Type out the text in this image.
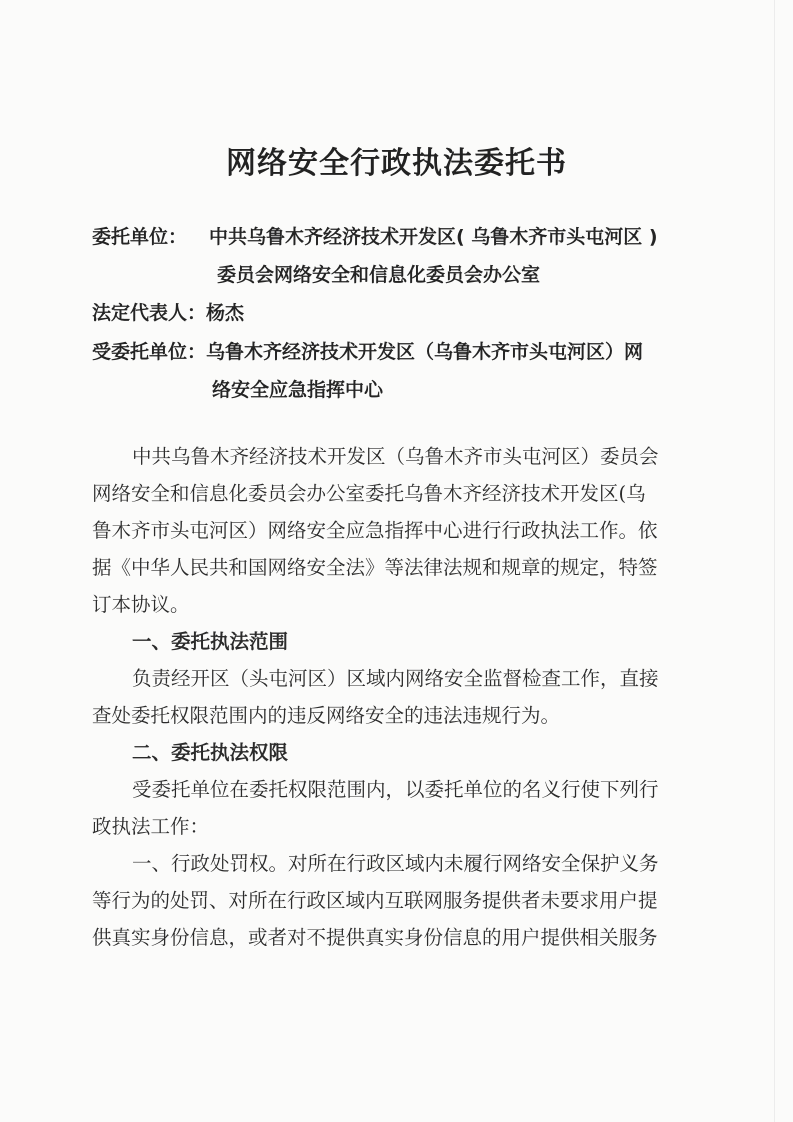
网络安全行政执法委托书
委托单位： 中共乌鲁木齐经济技术开发区( 乌鲁木齐市头屯河区 )
委员会网络安全和信息化委员会办公室
法定代表人：杨杰
受委托单位：乌鲁木齐经济技术开发区（乌鲁木齐市头屯河区）网
络安全应急指挥中心
中共乌鲁木齐经济技术开发区（乌鲁木齐市头屯河区）委员会
网络安全和信息化委员会办公室委托乌鲁木齐经济技术开发区(乌
鲁木齐市头屯河区）网络安全应急指挥中心进行行政执法工作。依
据《中华人民共和国网络安全法》等法律法规和规章的规定，特签
订本协议。
一、委托执法范围
负责经开区（头屯河区）区域内网络安全监督检查工作，直接
查处委托权限范围内的违反网络安全的违法违规行为。
二、委托执法权限
受委托单位在委托权限范围内，以委托单位的名义行使下列行
政执法工作：
一、行政处罚权。对所在行政区域内未履行网络安全保护义务
等行为的处罚、对所在行政区域内互联网服务提供者未要求用户提
供真实身份信息，或者对不提供真实身份信息的用户提供相关服务
